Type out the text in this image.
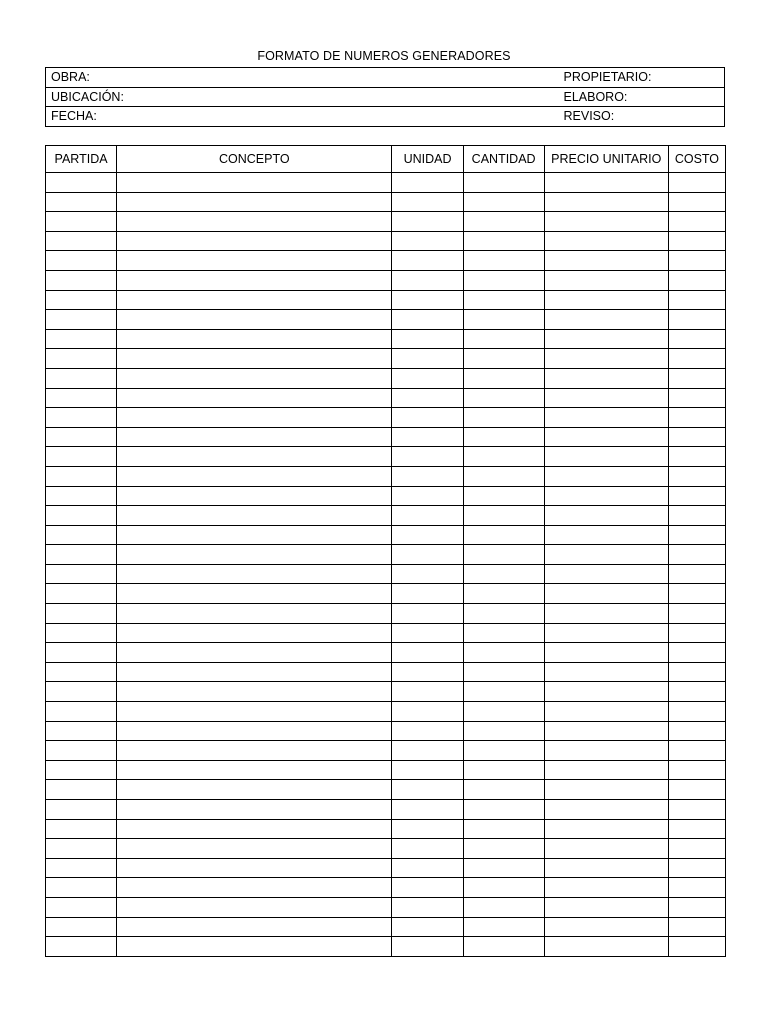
FORMATO DE NUMEROS GENERADORES
OBRA:	PROPIETARIO:
UBICACIÓN:	ELABORO:
FECHA:	REVISO:
PARTIDA	CONCEPTO	UNIDAD	CANTIDAD	PRECIO UNITARIO	COSTO
